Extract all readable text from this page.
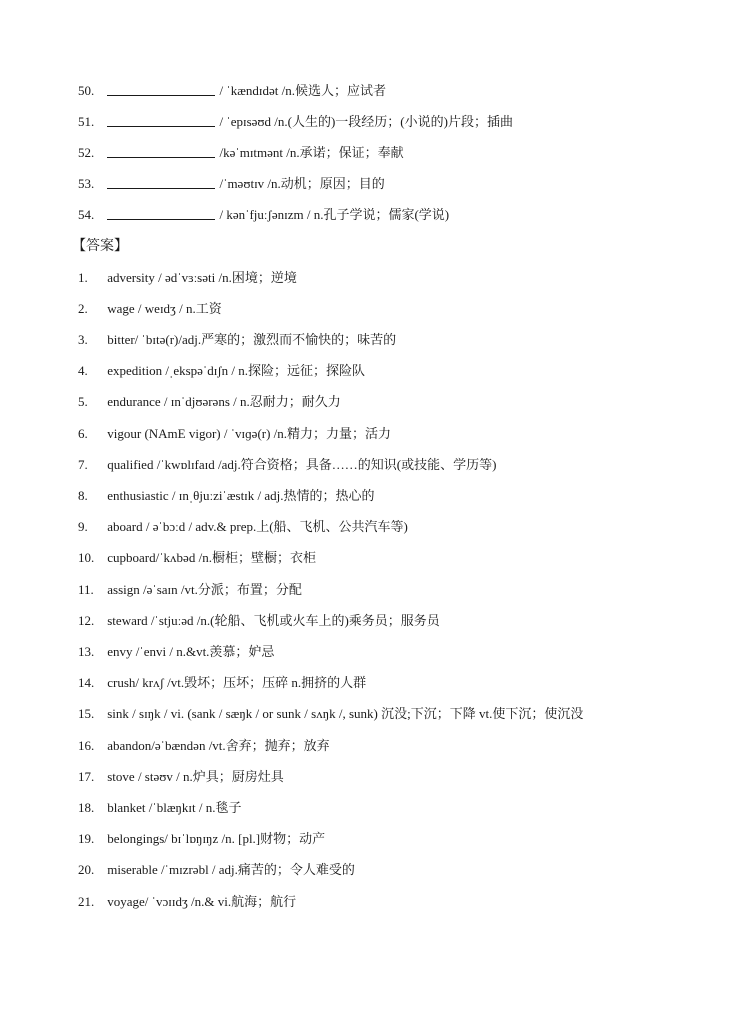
50.	/ ˈkændɪdət /n.候选人；应试者
51.	/ ˈepɪsəʊd /n.(人生的)一段经历；(小说的)片段；插曲
52.	/kəˈmɪtmənt /n.承诺；保证；奉献
53.	/ˈməʊtɪv /n.动机；原因；目的
54.	/ kənˈfjuːʃənɪzm / n.孔子学说；儒家(学说)
【答案】
1. adversity / ədˈvɜːsəti /n.困境；逆境
2. wage / weɪdʒ / n.工资
3. bitter/ ˈbɪtə(r)/adj.严寒的；激烈而不愉快的；味苦的
4. expedition /ˌekspəˈdɪʃn / n.探险；远征；探险队
5. endurance / ɪnˈdjʊərəns / n.忍耐力；耐久力
6. vigour (NAmE vigor) / ˈvɪɡə(r) /n.精力；力量；活力
7. qualified /ˈkwɒlɪfaɪd /adj.符合资格；具备……的知识(或技能、学历等)
8. enthusiastic / ɪnˌθjuːziˈæstɪk / adj.热情的；热心的
9. aboard / əˈbɔːd / adv.& prep.上(船、飞机、公共汽车等)
10. cupboard/ˈkʌbəd /n.橱柜；壁橱；衣柜
11. assign /əˈsaɪn /vt.分派；布置；分配
12. steward /ˈstjuːəd /n.(轮船、飞机或火车上的)乘务员；服务员
13. envy /ˈenvi / n.&vt.羡慕；妒忌
14. crush/ krʌʃ /vt.毁坏；压坏；压碎 n.拥挤的人群
15. sink / sɪŋk / vi. (sank / sæŋk / or sunk / sʌŋk /, sunk) 沉没;下沉；下降 vt.使下沉；使沉没
16. abandon/əˈbændən /vt.舍弃；抛弃；放弃
17. stove / stəʊv / n.炉具；厨房灶具
18. blanket /ˈblæŋkɪt / n.毯子
19. belongings/ bɪˈlɒŋɪŋz /n. [pl.]财物；动产
20. miserable /ˈmɪzrəbl / adj.痛苦的；令人难受的
21. voyage/ ˈvɔɪɪdʒ /n.& vi.航海；航行
